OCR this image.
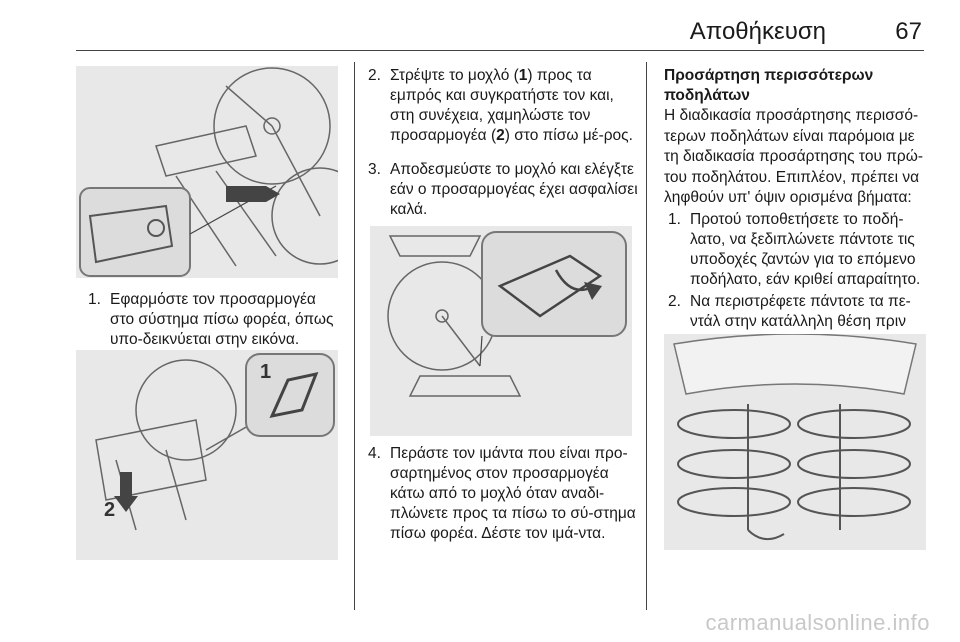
Αποθήκευση	67
1. Εφαρμόστε τον προσαρμογέα στο σύστημα πίσω φορέα, όπως υπο-δεικνύεται στην εικόνα.
1
2
2. Στρέψτε το μοχλό (1) προς τα εμπρός και συγκρατήστε τον και, στη συνέχεια, χαμηλώστε τον προσαρμογέα (2) στο πίσω μέ-ρος.
3. Αποδεσμεύστε το μοχλό και ελέγξτε εάν ο προσαρμογέας έχει ασφαλίσει καλά.
4. Περάστε τον ιμάντα που είναι προ-σαρτημένος στον προσαρμογέα κάτω από το μοχλό όταν αναδι-πλώνετε προς τα πίσω το σύ-στημα πίσω φορέα. Δέστε τον ιμά-ντα.
Προσάρτηση περισσότερων ποδηλάτων
Η διαδικασία προσάρτησης περισσό-τερων ποδηλάτων είναι παρόμοια με τη διαδικασία προσάρτησης του πρώ-του ποδηλάτου. Επιπλέον, πρέπει να ληφθούν υπ' όψιν ορισμένα βήματα:
1. Προτού τοποθετήσετε το ποδή-λατο, να ξεδιπλώνετε πάντοτε τις υποδοχές ζαντών για το επόμενο ποδήλατο, εάν κριθεί απαραίτητο.
2. Να περιστρέφετε πάντοτε τα πε-ντάλ στην κατάλληλη θέση πριν
carmanualsonline.info
